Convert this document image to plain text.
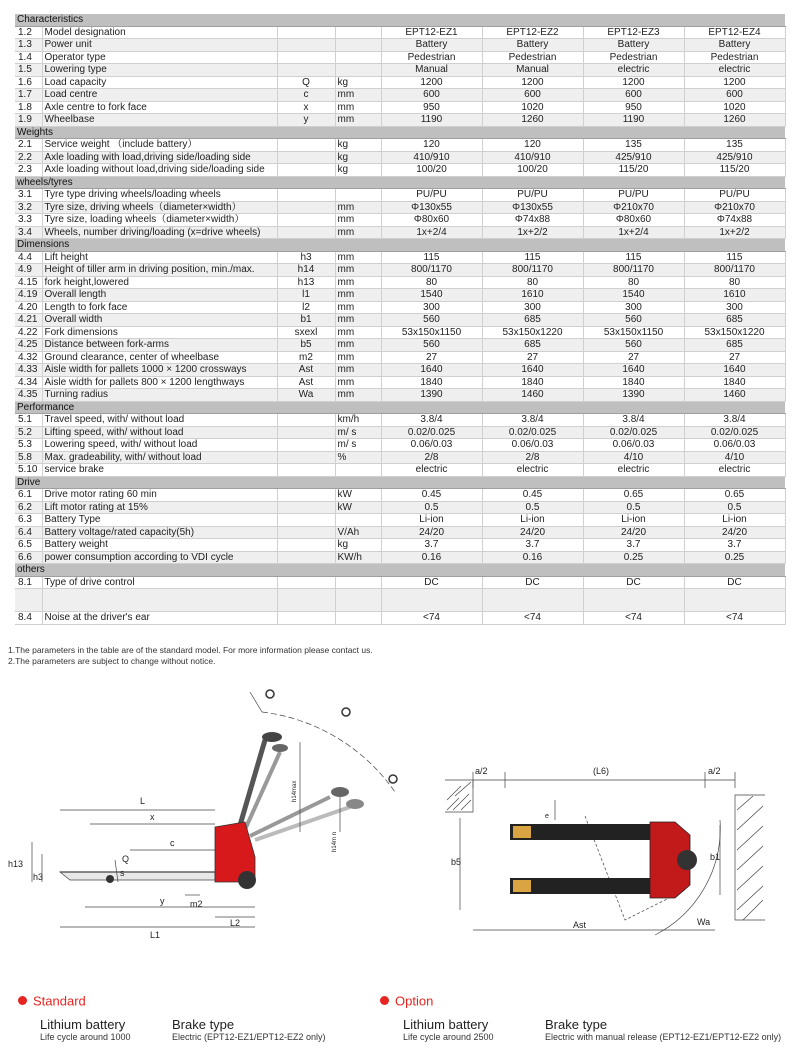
Characteristics							
1.2	Model designation			EPT12-EZ1	EPT12-EZ2	EPT12-EZ3	EPT12-EZ4
1.3	Power unit			Battery	Battery	Battery	Battery
1.4	Operator type			Pedestrian	Pedestrian	Pedestrian	Pedestrian
1.5	Lowering type			Manual	Manual	electric	electric
1.6	Load capacity	Q	kg	1200	1200	1200	1200
1.7	Load centre	c	mm	600	600	600	600
1.8	Axle centre to fork face	x	mm	950	1020	950	1020
1.9	Wheelbase	y	mm	1190	1260	1190	1260
Weights							
2.1	Service weight （include battery）		kg	120	120	135	135
2.2	Axle loading with load,driving side/loading side		kg	410/910	410/910	425/910	425/910
2.3	Axle loading without load,driving side/loading side		kg	100/20	100/20	115/20	115/20
wheels/tyres							
3.1	Tyre type driving wheels/loading wheels			PU/PU	PU/PU	PU/PU	PU/PU
3.2	Tyre size, driving wheels（diameter×width）		mm	Φ130x55	Φ130x55	Φ210x70	Φ210x70
3.3	Tyre size, loading wheels（diameter×width）		mm	Φ80x60	Φ74x88	Φ80x60	Φ74x88
3.4	Wheels, number driving/loading (x=drive wheels)		mm	1x+2/4	1x+2/2	1x+2/4	1x+2/2
Dimensions							
4.4	Lift height	h3	mm	115	115	115	115
4.9	Height of tiller arm in driving position, min./max.	h14	mm	800/1170	800/1170	800/1170	800/1170
4.15	fork height,lowered	h13	mm	80	80	80	80
4.19	Overall length	l1	mm	1540	1610	1540	1610
4.20	Length to fork face	l2	mm	300	300	300	300
4.21	Overall width	b1	mm	560	685	560	685
4.22	Fork dimensions	sxexl	mm	53x150x1150	53x150x1220	53x150x1150	53x150x1220
4.25	Distance between fork-arms	b5	mm	560	685	560	685
4.32	Ground clearance, center of wheelbase	m2	mm	27	27	27	27
4.33	Aisle width for pallets 1000 × 1200 crossways	Ast	mm	1640	1640	1640	1640
4.34	Aisle width for pallets 800 × 1200 lengthways	Ast	mm	1840	1840	1840	1840
4.35	Turning radius	Wa	mm	1390	1460	1390	1460
Performance							
5.1	Travel speed, with/ without load		km/h	3.8/4	3.8/4	3.8/4	3.8/4
5.2	Lifting speed, with/ without load		m/ s	0.02/0.025	0.02/0.025	0.02/0.025	0.02/0.025
5.3	Lowering speed, with/ without load		m/ s	0.06/0.03	0.06/0.03	0.06/0.03	0.06/0.03
5.8	Max. gradeability, with/ without load		%	2/8	2/8	4/10	4/10
5.10	service brake			electric	electric	electric	electric
Drive							
6.1	Drive motor rating 60 min		kW	0.45	0.45	0.65	0.65
6.2	Lift motor rating at 15%		kW	0.5	0.5	0.5	0.5
6.3	Battery Type			Li-ion	Li-ion	Li-ion	Li-ion
6.4	Battery voltage/rated capacity(5h)		V/Ah	24/20	24/20	24/20	24/20
6.5	Battery weight		kg	3.7	3.7	3.7	3.7
6.6	power consumption according to VDI cycle		KW/h	0.16	0.16	0.25	0.25
others							
8.1	Type of drive control			DC	DC	DC	DC

8.4	Noise at the driver's ear			<74	<74	<74	<74
1.The parameters in the table are of the standard model. For more information please contact us.
2.The parameters are subject to change without notice.
L
x
c
Q
s
h13
h3
y	m2
L2
L1
h14max
h14m n
a/2	(L6)	a/2
e
b5	b1
Ast	Wa
Standard
Lithium battery
Life cycle around 1000
Brake type
Electric (EPT12-EZ1/EPT12-EZ2 only)
Option
Lithium battery
Life cycle around 2500
Brake type
Electric with manual release (EPT12-EZ1/EPT12-EZ2 only)
